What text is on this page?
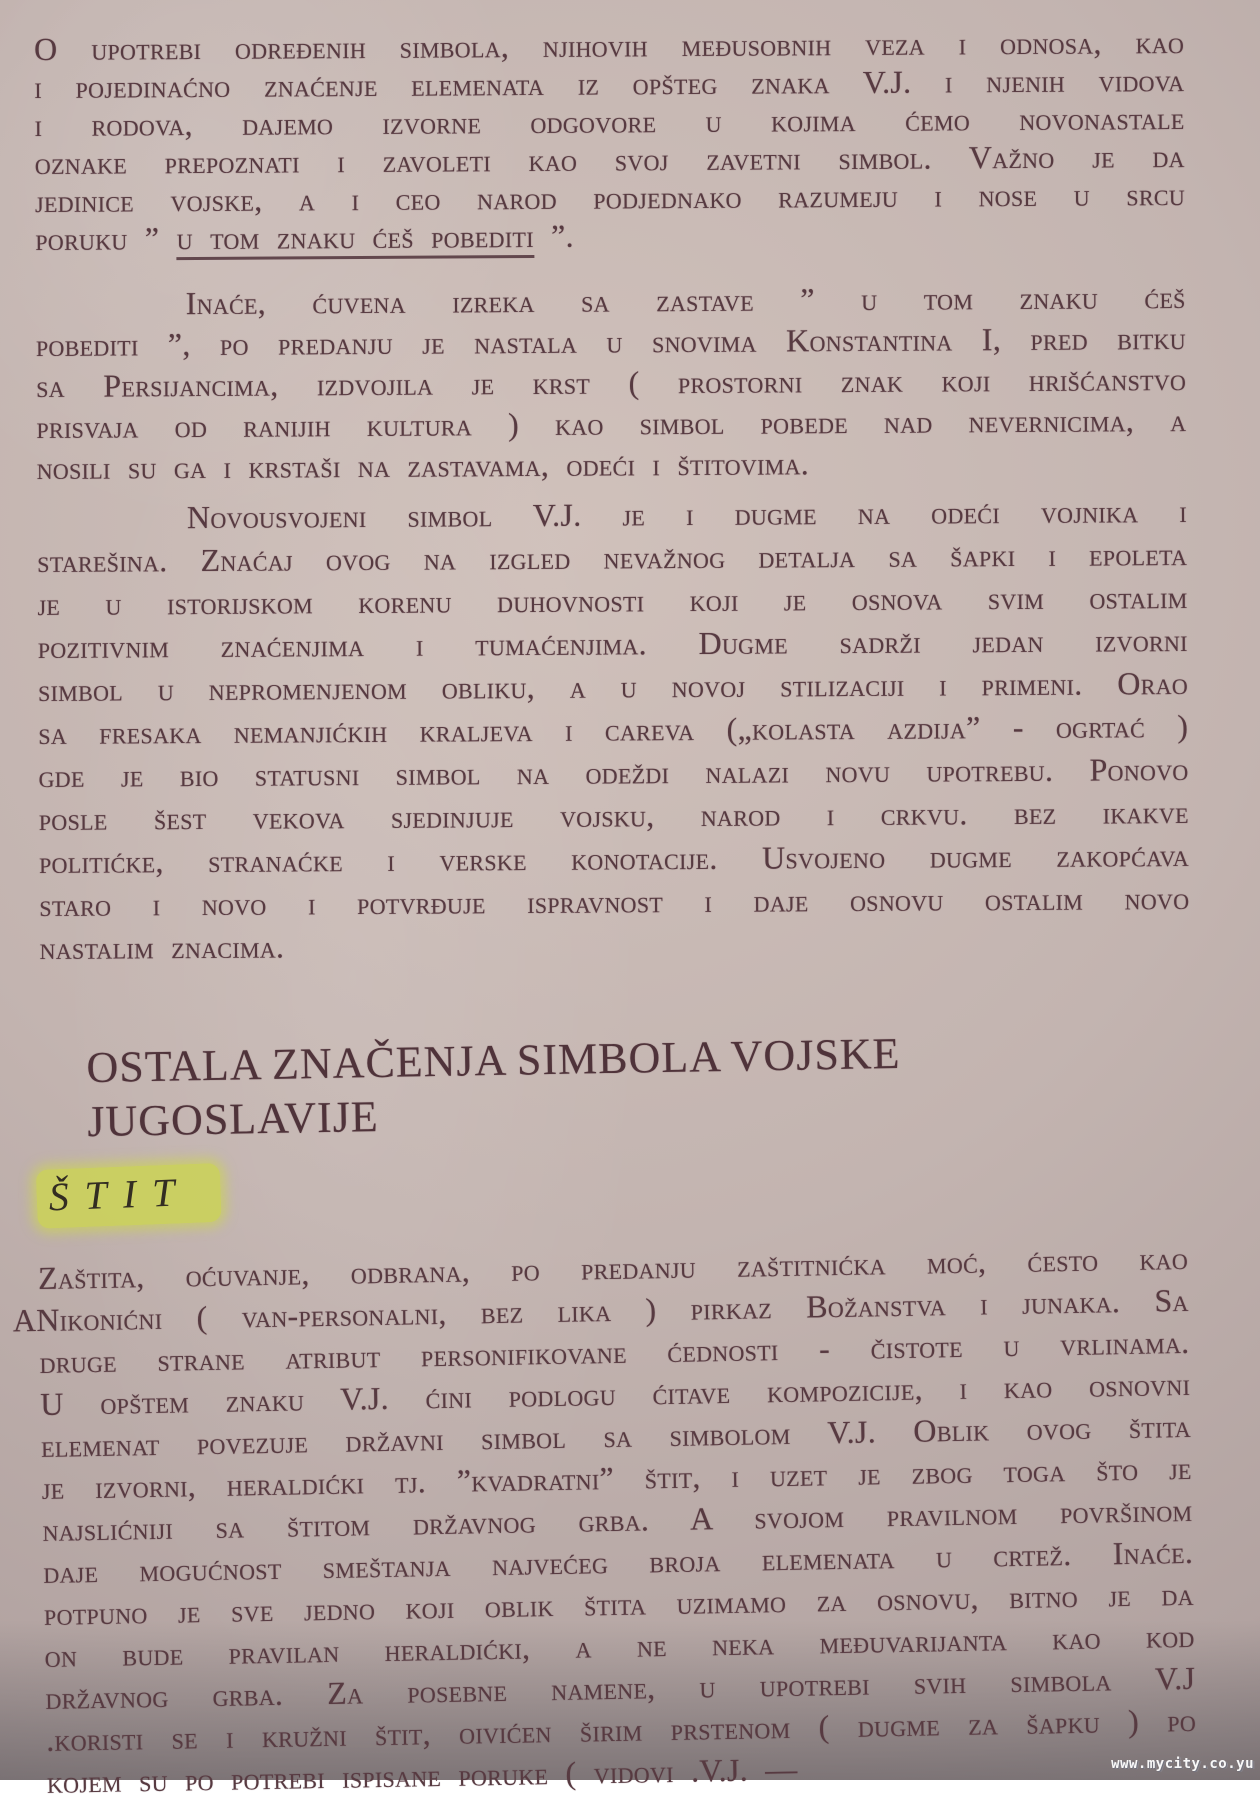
O upotrebi određenih simbola, njihovih međusobnih veza i odnosa, kao
i pojedinaćno znaćenje elemenata iz opšteg znaka V.J. i njenih vidova
i rodova, dajemo izvorne odgovore u kojima ćemo novonastale
oznake prepoznati i zavoleti kao svoj zavetni simbol. Važno je da
jedinice vojske, a i ceo narod podjednako razumeju i nose u srcu
poruku ” u tom znaku ćeš pobediti ”.
Inaće, ćuvena izreka sa zastave ” u tom znaku ćeš
pobediti ”, po predanju je nastala u snovima Konstantina I, pred bitku
sa Persijancima, izdvojila je krst ( prostorni znak koji hrišćanstvo
prisvaja od ranijih kultura ) kao simbol pobede nad nevernicima, a
nosili su ga i krstaši na zastavama, odeći i štitovima.
Novousvojeni simbol V.J. je i dugme na odeći vojnika i
starešina. Znaćaj ovog na izgled nevažnog detalja sa šapki i epoleta
je u istorijskom korenu duhovnosti koji je osnova svim ostalim
pozitivnim znaćenjima i tumaćenjima. Dugme sadrži jedan izvorni
simbol u nepromenjenom obliku, a u novoj stilizaciji i primeni. Orao
sa fresaka nemanjićkih kraljeva i careva („kolasta azdija” - ogrtać )
gde je bio statusni simbol na odeždi nalazi novu upotrebu. Ponovo
posle šest vekova sjedinjuje vojsku, narod i crkvu. bez ikakve
politićke, stranaćke i verske konotacije. Usvojeno dugme zakopćava
staro i novo i potvrđuje ispravnost i daje osnovu ostalim novo
nastalim znacima.
OSTALA ZNAČENJA SIMBOLA VOJSKE JUGOSLAVIJE
ŠTIT
Zaštita, oćuvanje, odbrana, po predanju zaštitnićka moć, ćesto kao
ANikonićni ( van-personalni, bez lika ) pirkaz Božanstva i junaka. Sa
druge strane atribut personifikovane ćednosti - čistote u vrlinama.
U opštem znaku V.J. ćini podlogu ćitave kompozicije, i kao osnovni
elemenat povezuje državni simbol sa simbolom V.J. Oblik ovog štita
je izvorni, heraldićki tj. ”kvadratni” štit, i uzet je zbog toga što je
najslićniji sa štitom državnog grba. A svojom pravilnom površinom
daje mogućnost smeštanja najvećeg broja elemenata u crtež. Inaće.
potpuno je sve jedno koji oblik štita uzimamo za osnovu, bitno je da
on bude pravilan heraldićki, a ne neka međuvarijanta kao kod
državnog grba. Za posebne namene, u upotrebi svih simbola V.J
.koristi se i kružni štit, oivićen širim prstenom ( dugme za šapku ) po
kojem su po potrebi ispisane poruke ( vidovi .V.J. —	www.mycity.co.yu
